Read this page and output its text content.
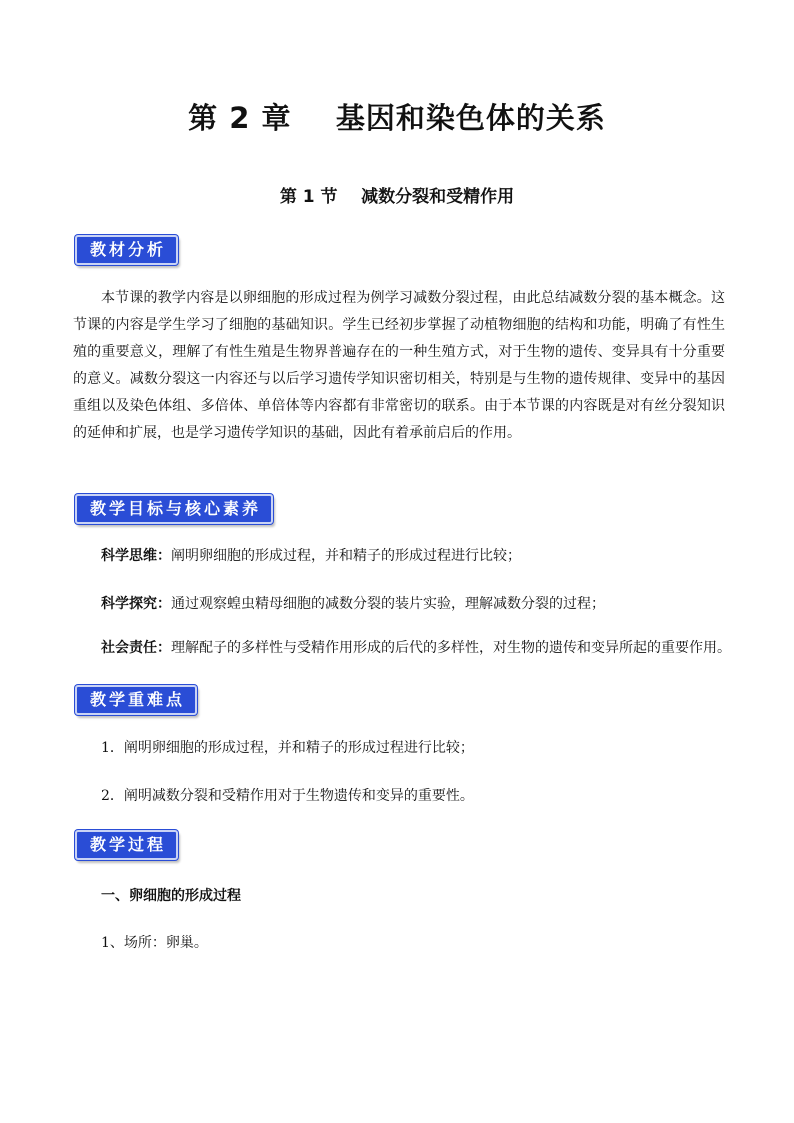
第 2 章    基因和染色体的关系
第 1 节    减数分裂和受精作用
教材分析

本节课的教学内容是以卵细胞的形成过程为例学习减数分裂过程，由此总结减数分裂的基本概念。这节课的内容是学生学习了细胞的基础知识。学生已经初步掌握了动植物细胞的结构和功能，明确了有性生殖的重要意义，理解了有性生殖是生物界普遍存在的一种生殖方式，对于生物的遗传、变异具有十分重要的意义。减数分裂这一内容还与以后学习遗传学知识密切相关，特别是与生物的遗传规律、变异中的基因重组以及染色体组、多倍体、单倍体等内容都有非常密切的联系。由于本节课的内容既是对有丝分裂知识的延伸和扩展，也是学习遗传学知识的基础，因此有着承前启后的作用。

教学目标与核心素养

科学思维：阐明卵细胞的形成过程，并和精子的形成过程进行比较；

科学探究：通过观察蝗虫精母细胞的减数分裂的装片实验，理解减数分裂的过程；

社会责任：理解配子的多样性与受精作用形成的后代的多样性，对生物的遗传和变异所起的重要作用。

教学重难点

1．阐明卵细胞的形成过程，并和精子的形成过程进行比较；

2．阐明减数分裂和受精作用对于生物遗传和变异的重要性。

教学过程

一、卵细胞的形成过程

1、场所：卵巢。
